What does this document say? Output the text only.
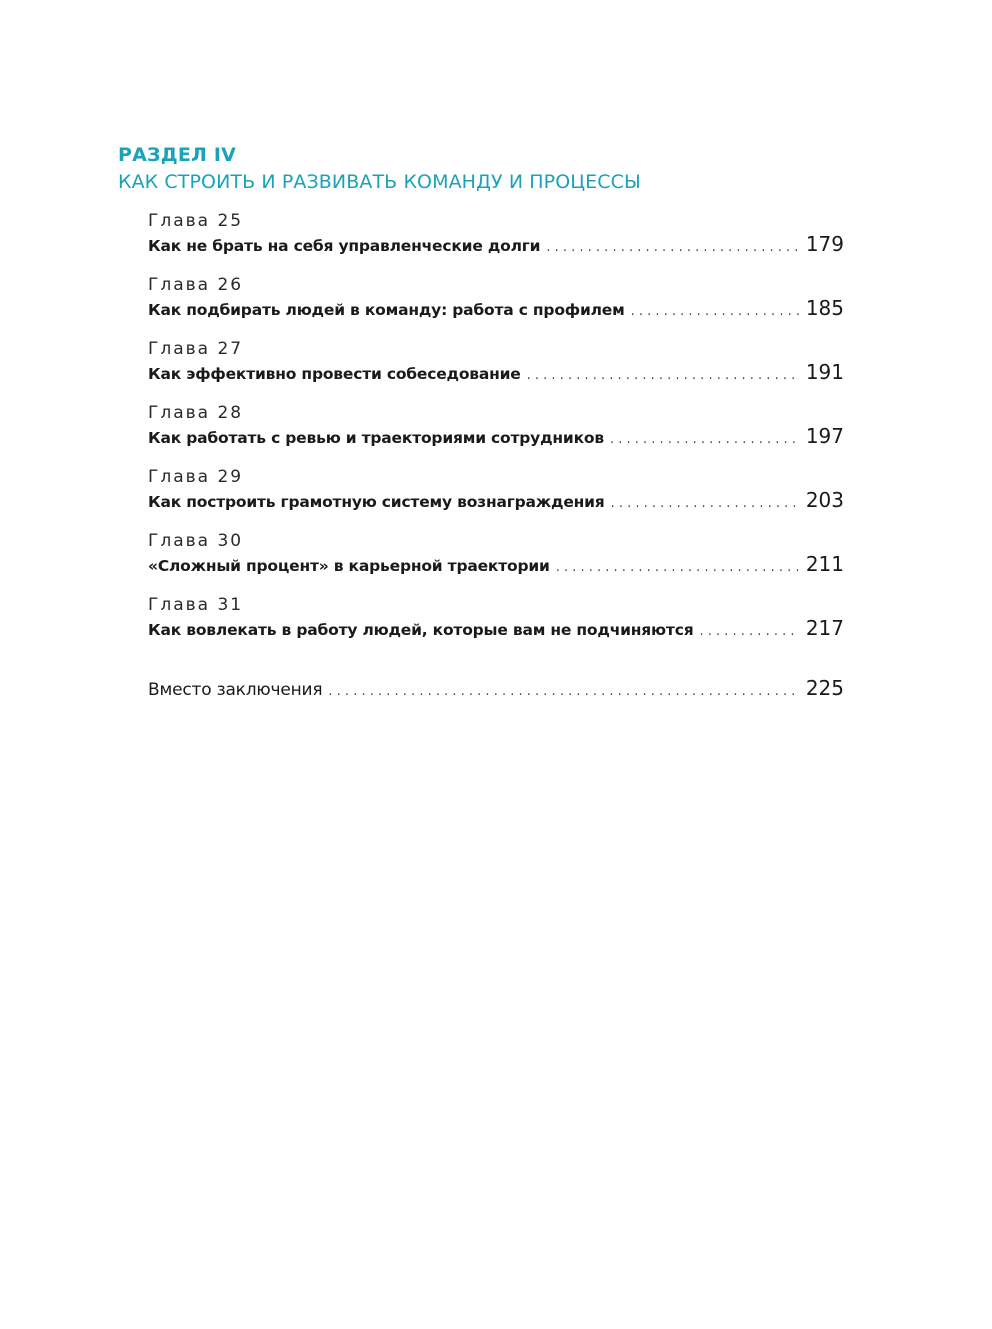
РАЗДЕЛ IV
КАК СТРОИТЬ И РАЗВИВАТЬ КОМАНДУ И ПРОЦЕССЫ
Глава 25
Как не брать на себя управленческие долги . . .	179
Глава 26
Как подбирать людей в команду: работа с профилем . . .	185
Глава 27
Как эффективно провести собеседование . . .	191
Глава 28
Как работать с ревью и траекториями сотрудников . . .	197
Глава 29
Как построить грамотную систему вознаграждения . . .	203
Глава 30
«Сложный процент» в карьерной траектории . . .	211
Глава 31
Как вовлекать в работу людей, которые вам не подчиняются . . .	217
Вместо заключения . . .	225
